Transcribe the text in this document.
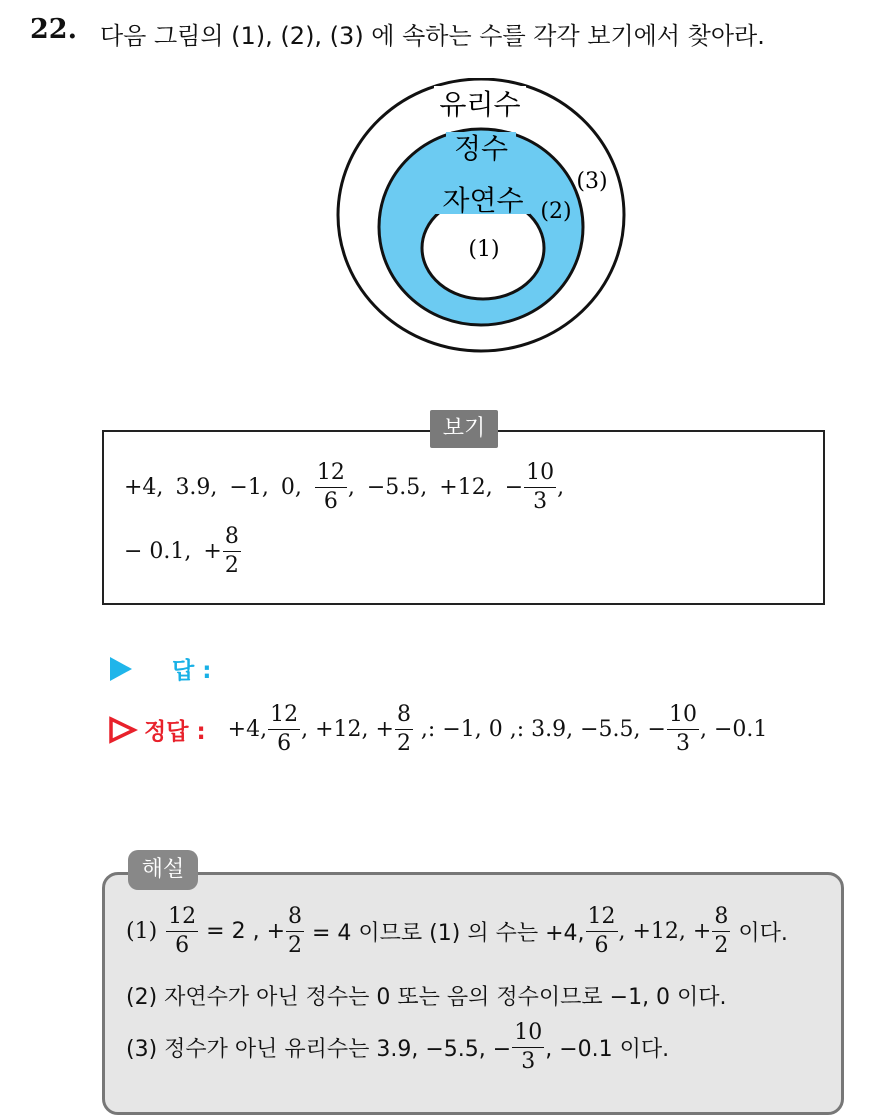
22. 다음 그림의 (1), (2), (3) 에 속하는 수를 각각 보기에서 찾아라.
유리수
정수
자연수
(1)
(2)
(3)
보기
+4, 3.9, −1, 0, $\frac{12}{6}$ , −5.5, +12, − $\frac{10}{3}$ ,
− 0.1, + $\frac{8}{2}$
답 :
정답 : +4, $\frac{12}{6}$ , +12, + $\frac{8}{2}$ ,: −1, 0 ,: 3.9, −5.5, − $\frac{10}{3}$ , −0.1
해설
$(1) \frac{12}{6} = 2$ , + $\frac{8}{2} = 4$ 이므로 (1) 의 수는 +4, $\frac{12}{6}$ , +12, + $\frac{8}{2}$ 이다.
(2) 자연수가 아닌 정수는 0 또는 음의 정수이므로 −1, 0 이다.
(3) 정수가 아닌 유리수는 3.9, −5.5, − $\frac{10}{3}$ , −0.1 이다.
